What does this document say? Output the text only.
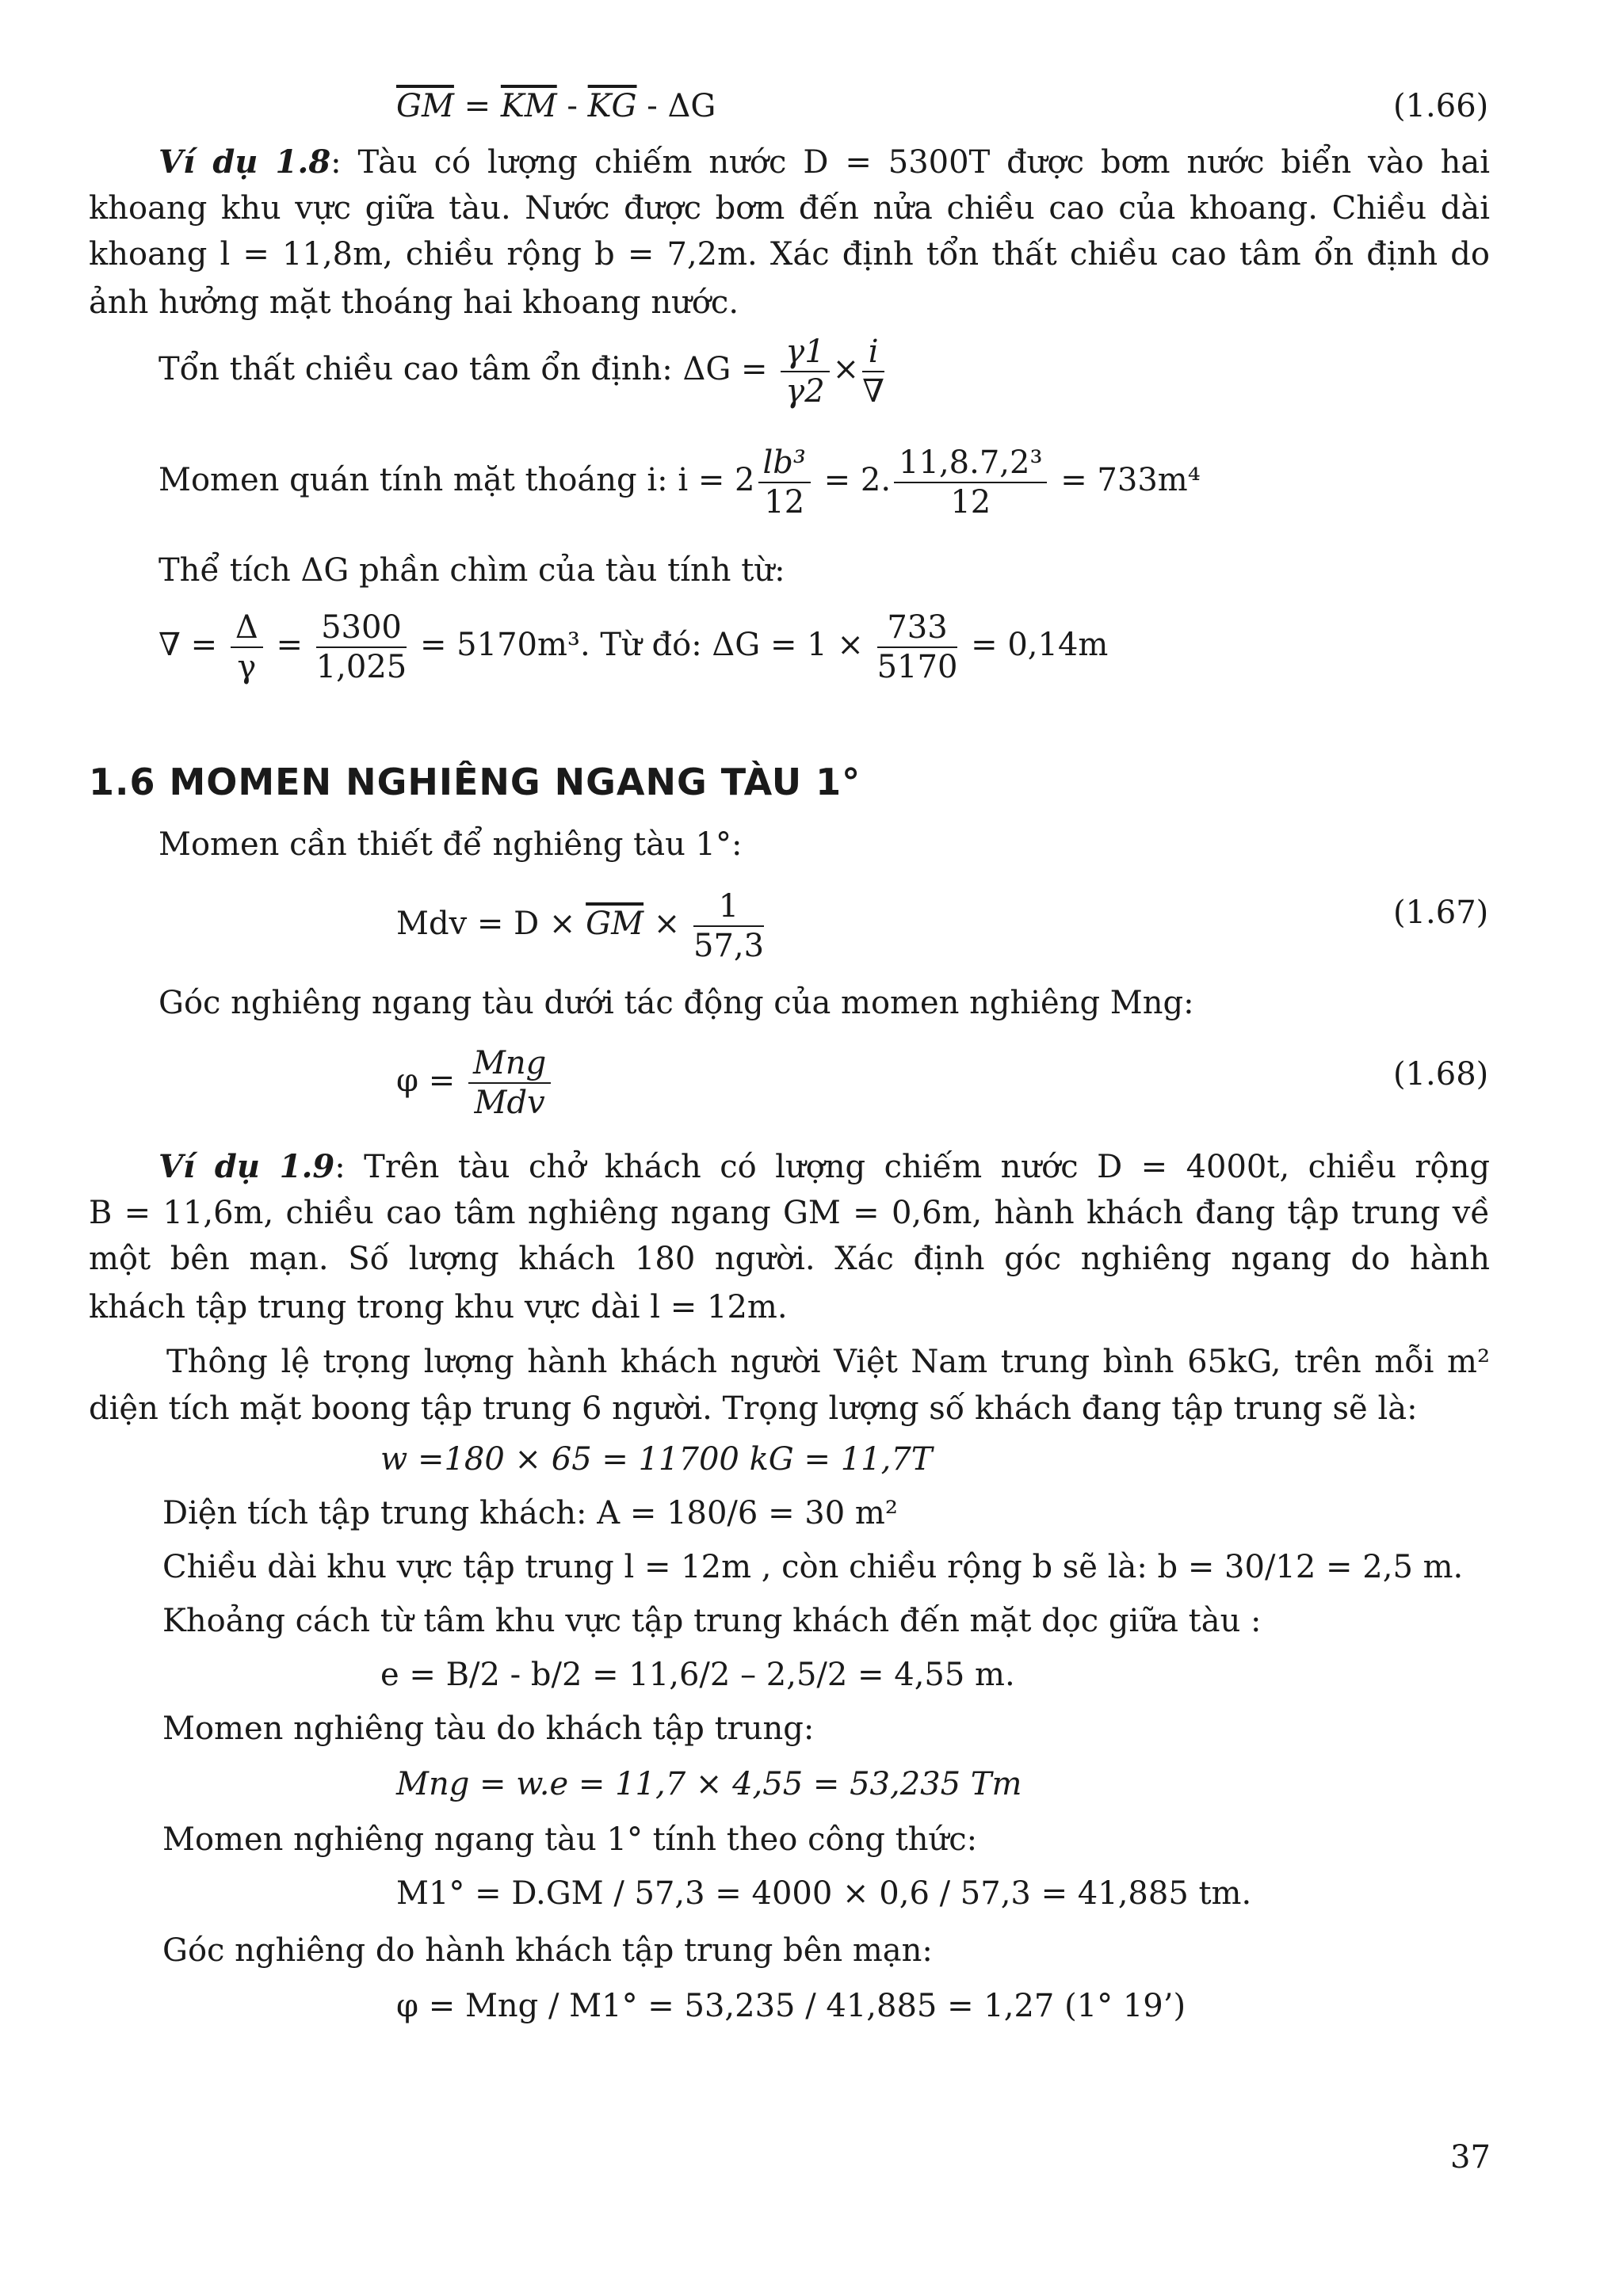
$\overline{GM} = \overline{KM} - \overline{KG} - \Delta G$	(1.66)
Ví dụ 1.8: Tàu có lượng chiếm nước D = 5300T được bơm nước biển vào hai
khoang khu vực giữa tàu. Nước được bơm đến nửa chiều cao của khoang. Chiều dài
khoang l = 11,8m, chiều rộng b = 7,2m. Xác định tổn thất chiều cao tâm ổn định do
ảnh hưởng mặt thoáng hai khoang nước.
Tổn thất chiều cao tâm ổn định: $\Delta G = \frac{\gamma 1}{\gamma 2} \times \frac{i}{\nabla}$
Momen quán tính mặt thoáng i: $i = 2 \frac{\text{lb³}}{12} = 2$. $\frac{\text{11,8.7,2³}}{12} = 733m^4$
Thể tích ΔG phần chìm của tàu tính từ:
∇ = $\frac{\Delta}{\gamma} = \frac{5300}{1,025} = 5170m^3$. Từ đó: $\Delta G = 1 \times \frac{733}{5170} = 0,14m$
1.6 MOMEN NGHIÊNG NGANG TÀU 1°
Momen cần thiết để nghiêng tàu 1°:
Mdv = $D \times \overline{GM} \times \frac{1}{57,3}$	(1.67)
Góc nghiêng ngang tàu dưới tác động của momen nghiêng Mng:
$\varphi = \frac{\text{Mng}}{\text{Mdv}}$	(1.68)
Ví dụ 1.9: Trên tàu chở khách có lượng chiếm nước D = 4000t, chiều rộng
B = 11,6m, chiều cao tâm nghiêng ngang GM = 0,6m, hành khách đang tập trung về
một bên mạn. Số lượng khách 180 người. Xác định góc nghiêng ngang do hành
khách tập trung trong khu vực dài l = 12m.
Thông lệ trọng lượng hành khách người Việt Nam trung bình 65kG, trên mỗi m²
diện tích mặt boong tập trung 6 người. Trọng lượng số khách đang tập trung sẽ là:
w =180 × 65 = 11700 kG = 11,7T
Diện tích tập trung khách: A = 180/6 = 30 m²
Chiều dài khu vực tập trung l = 12m , còn chiều rộng b sẽ là: b = 30/12 = 2,5 m.
Khoảng cách từ tâm khu vực tập trung khách đến mặt dọc giữa tàu :
e = B/2 - b/2 = 11,6/2 – 2,5/2 = 4,55 m.
Momen nghiêng tàu do khách tập trung:
Mng = w.e = 11,7 × 4,55 = 53,235 Tm
Momen nghiêng ngang tàu 1° tính theo công thức:
M1° = D.GM / 57,3 = 4000 × 0,6 / 57,3 = 41,885 tm.
Góc nghiêng do hành khách tập trung bên mạn:
φ = Mng / M1° = 53,235 / 41,885 = 1,27 (1° 19’)
37
